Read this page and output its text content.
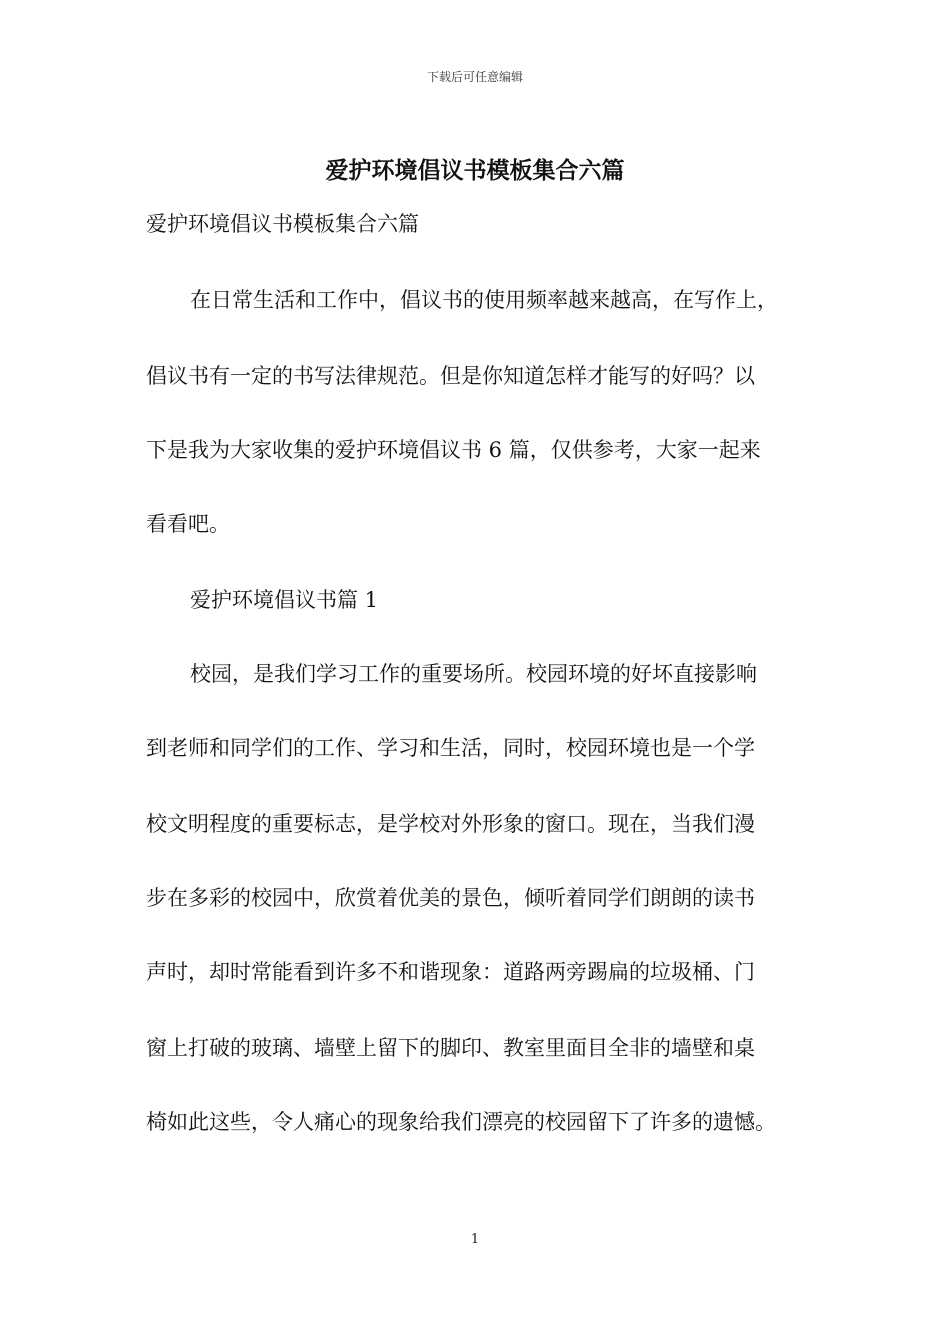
下载后可任意编辑
爱护环境倡议书模板集合六篇
爱护环境倡议书模板集合六篇
在日常生活和工作中，倡议书的使用频率越来越高，在写作上，
倡议书有一定的书写法律规范。但是你知道怎样才能写的好吗？以
下是我为大家收集的爱护环境倡议书 6 篇，仅供参考，大家一起来
看看吧。
爱护环境倡议书篇 1
校园，是我们学习工作的重要场所。校园环境的好坏直接影响
到老师和同学们的工作、学习和生活，同时，校园环境也是一个学
校文明程度的重要标志，是学校对外形象的窗口。现在，当我们漫
步在多彩的校园中，欣赏着优美的景色，倾听着同学们朗朗的读书
声时，却时常能看到许多不和谐现象：道路两旁踢扁的垃圾桶、门
窗上打破的玻璃、墙壁上留下的脚印、教室里面目全非的墙壁和桌
椅如此这些，令人痛心的现象给我们漂亮的校园留下了许多的遗憾。
1
